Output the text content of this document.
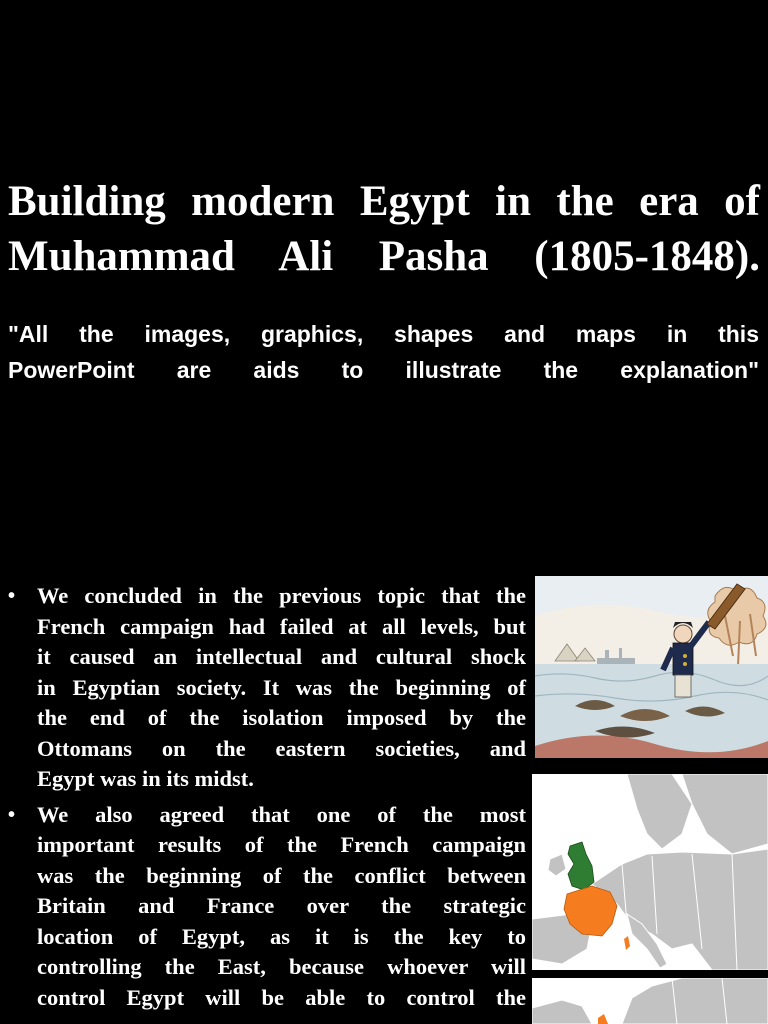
Building modern Egypt in the era of
Muhammad Ali Pasha (1805-1848).

"All the images, graphics, shapes and maps in this
PowerPoint are aids to illustrate the explanation"

• We concluded in the previous topic that the
French campaign had failed at all levels, but
it caused an intellectual and cultural shock
in Egyptian society. It was the beginning of
the end of the isolation imposed by the
Ottomans on the eastern societies, and
Egypt was in its midst.
• We also agreed that one of the most
important results of the French campaign
was the beginning of the conflict between
Britain and France over the strategic
location of Egypt, as it is the key to
controlling the East, because whoever will
control Egypt will be able to control the
